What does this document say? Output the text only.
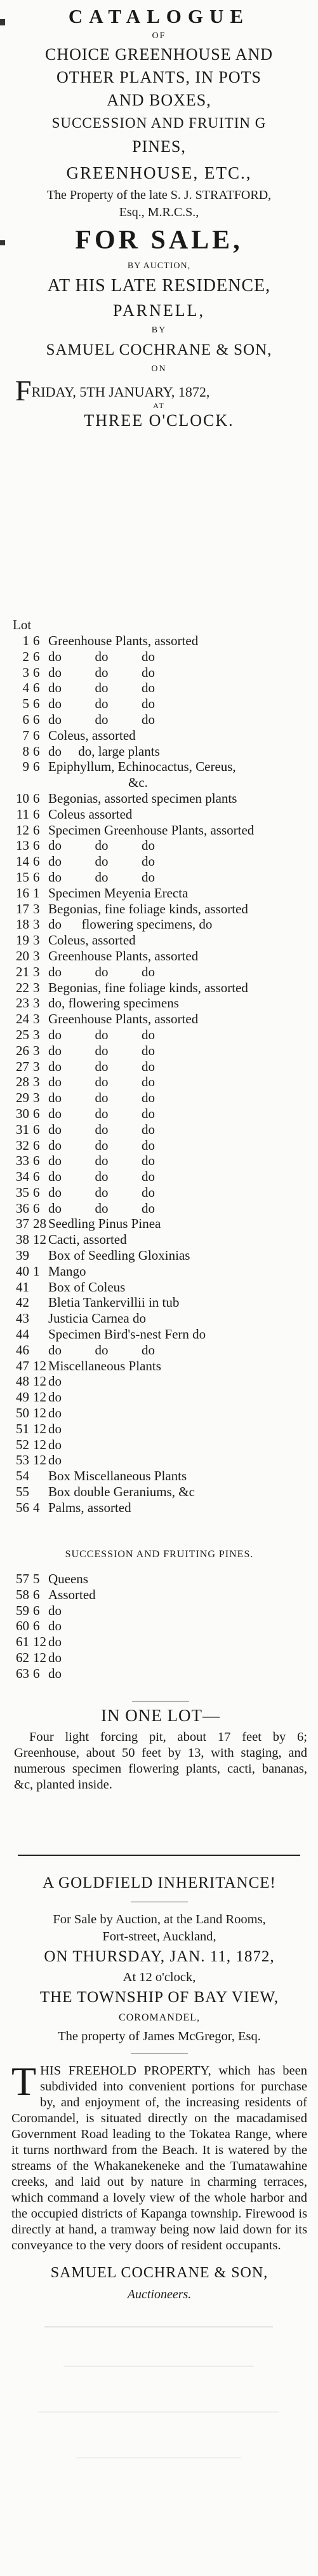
CATALOGUE
OF
CHOICE GREENHOUSE AND
OTHER PLANTS, IN POTS
AND BOXES,
SUCCESSION AND FRUITIN G
PINES,
GREENHOUSE, ETC.,
The Property of the late S. J. STRATFORD,
Esq., M.R.C.S.,
FOR SALE,
BY AUCTION,
AT HIS LATE RESIDENCE,
PARNELL,
BY
SAMUEL COCHRANE & SON,
ON
FRIDAY, 5TH JANUARY, 1872,
AT
THREE O'CLOCK.
Lot
1 6 Greenhouse Plants, assorted
2 6 do          do          do
3 6 do          do          do
4 6 do          do          do
5 6 do          do          do
6 6 do          do          do
7 6 Coleus, assorted
8 6 do     do, large plants
9 6 Epiphyllum, Echinocactus, Cereus,
&c.
10 6 Begonias, assorted specimen plants
11 6 Coleus assorted
12 6 Specimen Greenhouse Plants, assorted
13 6 do          do          do
14 6 do          do          do
15 6 do          do          do
16 1 Specimen Meyenia Erecta
17 3 Begonias, fine foliage kinds, assorted
18 3 do      flowering specimens, do
19 3 Coleus, assorted
20 3 Greenhouse Plants, assorted
21 3 do          do          do
22 3 Begonias, fine foliage kinds, assorted
23 3 do, flowering specimens
24 3 Greenhouse Plants, assorted
25 3 do          do          do
26 3 do          do          do
27 3 do          do          do
28 3 do          do          do
29 3 do          do          do
30 6 do          do          do
31 6 do          do          do
32 6 do          do          do
33 6 do          do          do
34 6 do          do          do
35 6 do          do          do
36 6 do          do          do
37 28 Seedling Pinus Pinea
38 12 Cacti, assorted
39 Box of Seedling Gloxinias
40 1 Mango
41 Box of Coleus
42 Bletia Tankervillii in tub
43 Justicia Carnea do
44 Specimen Bird's-nest Fern do
46 do          do          do
47 12 Miscellaneous Plants
48 12 do
49 12 do
50 12 do
51 12 do
52 12 do
53 12 do
54 Box Miscellaneous Plants
55 Box double Geraniums, &c
56 4 Palms, assorted
SUCCESSION AND FRUITING PINES.
57 5 Queens
58 6 Assorted
59 6 do
60 6 do
61 12 do
62 12 do
63 6 do
IN ONE LOT—
Four light forcing pit, about 17 feet by 6; Greenhouse, about 50 feet by 13, with staging, and numerous specimen flowering plants, cacti, bananas, &c, planted inside.
A GOLDFIELD INHERITANCE!
For Sale by Auction, at the Land Rooms,
Fort-street, Auckland,
ON THURSDAY, JAN. 11, 1872,
At 12 o'clock,
THE TOWNSHIP OF BAY VIEW,
COROMANDEL,
The property of James McGregor, Esq.
THIS FREEHOLD PROPERTY, which has been subdivided into convenient portions for purchase by, and enjoyment of, the increasing residents of Coromandel, is situated directly on the macadamised Government Road leading to the Tokatea Range, where it turns northward from the Beach. It is watered by the streams of the Whakanekeneke and the Tumatawahine creeks, and laid out by nature in charming terraces, which command a lovely view of the whole harbor and the occupied districts of Kapanga township. Firewood is directly at hand, a tramway being now laid down for its conveyance to the very doors of resident occupants.
SAMUEL COCHRANE & SON,
Auctioneers.
